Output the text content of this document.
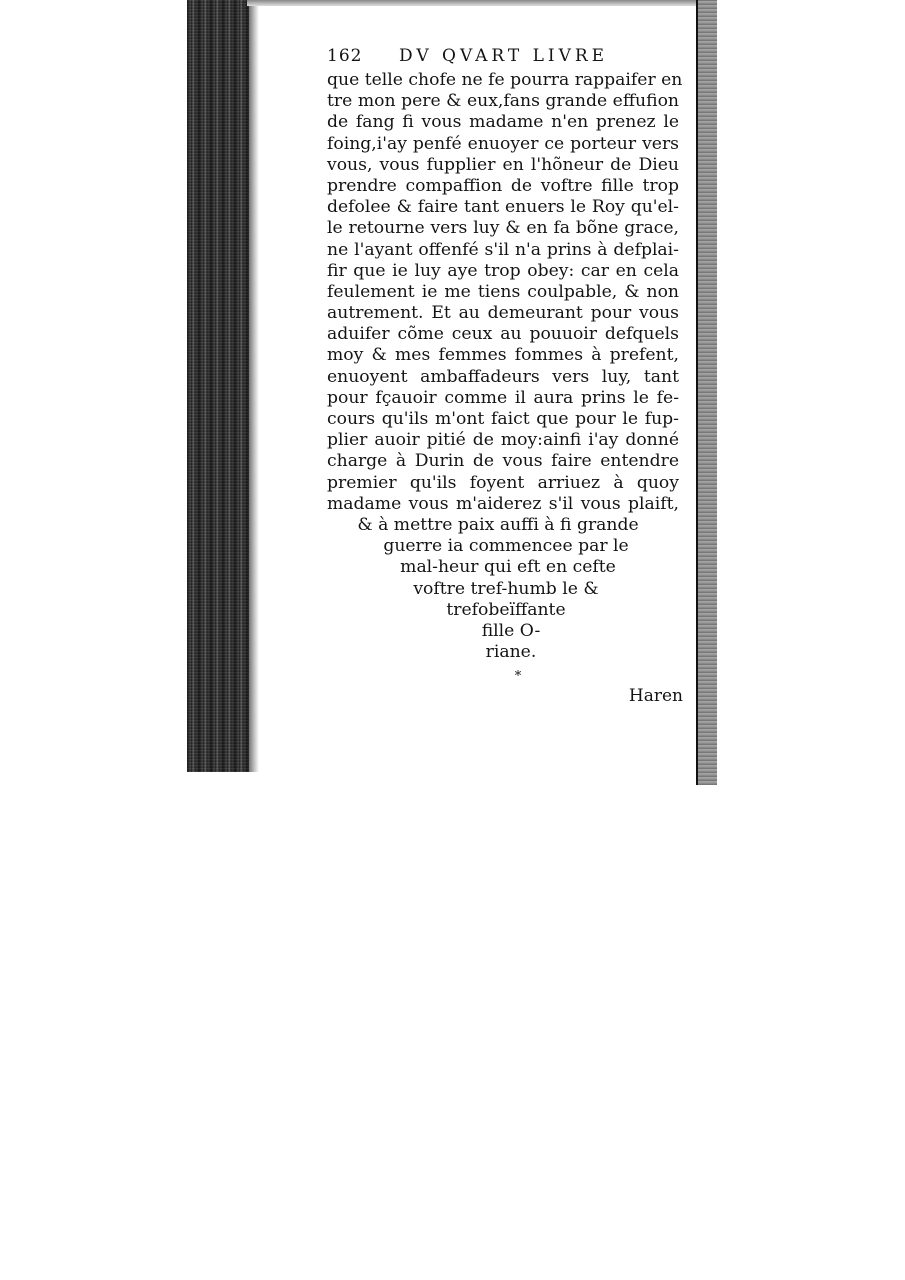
162 DV QVART LIVRE
que telle chofe ne fe pourra rappaifer en
tre mon pere & eux,fans grande effufion
de fang fi vous madame n'en prenez le
foing,i'ay penfé enuoyer ce porteur vers
vous, vous fupplier en l'hõneur de Dieu
prendre compaffion de voftre fille trop
defolee & faire tant enuers le Roy qu'el-
le retourne vers luy & en fa bõne grace,
ne l'ayant offenfé s'il n'a prins à defplai-
fir que ie luy aye trop obey: car en cela
feulement ie me tiens coulpable, & non
autrement. Et au demeurant pour vous
aduifer cõme ceux au pouuoir defquels
moy & mes femmes fommes à prefent,
enuoyent ambaffadeurs vers luy, tant
pour fçauoir comme il aura prins le fe-
cours qu'ils m'ont faict que pour le fup-
plier auoir pitié de moy:ainfi i'ay donné
charge à Durin de vous faire entendre
premier qu'ils foyent arriuez à quoy
madame vous m'aiderez s'il vous plaift,
& à mettre paix auffi à fi grande
guerre ia commencee par le
mal-heur qui eft en cefte
voftre tref-humb le &
trefobeïffante
fille O-
riane.
*
Haren
